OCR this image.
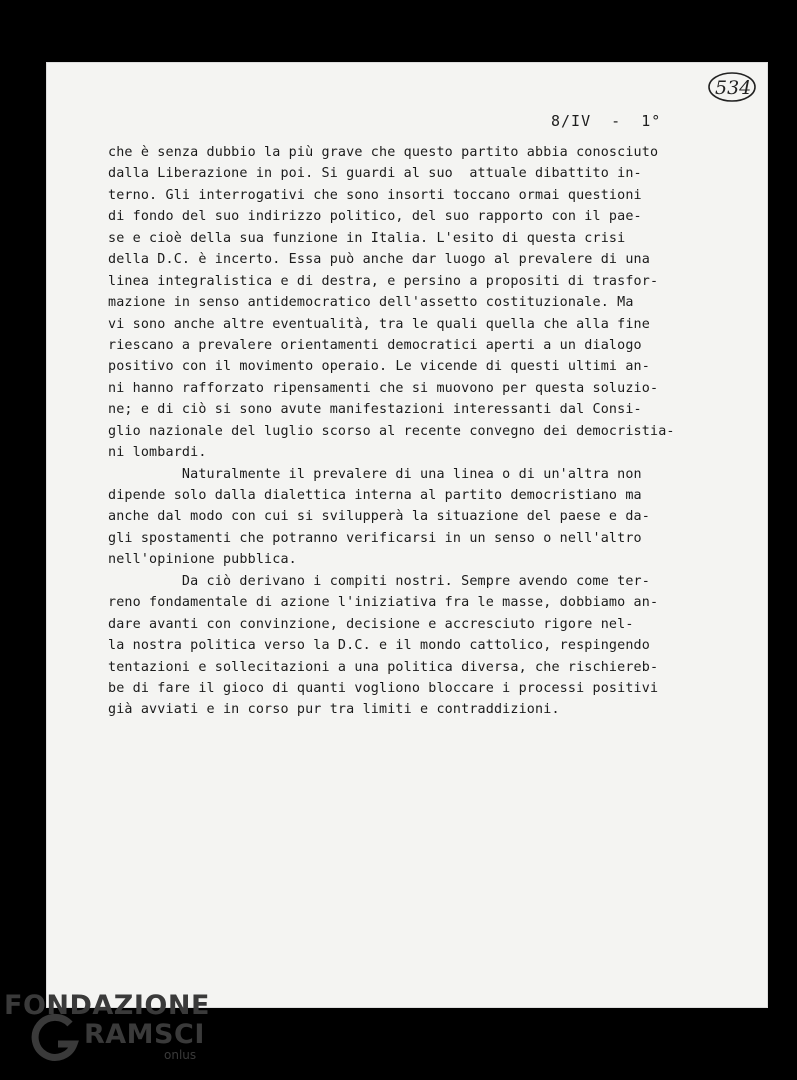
534
8/IV  -  1°
che è senza dubbio la più grave che questo partito abbia conosciuto
dalla Liberazione in poi. Si guardi al suo  attuale dibattito in-
terno. Gli interrogativi che sono insorti toccano ormai questioni
di fondo del suo indirizzo politico, del suo rapporto con il pae-
se e cioè della sua funzione in Italia. L'esito di questa crisi
della D.C. è incerto. Essa può anche dar luogo al prevalere di una
linea integralistica e di destra, e persino a propositi di trasfor-
mazione in senso antidemocratico dell'assetto costituzionale. Ma
vi sono anche altre eventualità, tra le quali quella che alla fine
riescano a prevalere orientamenti democratici aperti a un dialogo
positivo con il movimento operaio. Le vicende di questi ultimi an-
ni hanno rafforzato ripensamenti che si muovono per questa soluzio-
ne; e di ciò si sono avute manifestazioni interessanti dal Consi-
glio nazionale del luglio scorso al recente convegno dei democristia-
ni lombardi.
Naturalmente il prevalere di una linea o di un'altra non
dipende solo dalla dialettica interna al partito democristiano ma
anche dal modo con cui si svilupperà la situazione del paese e da-
gli spostamenti che potranno verificarsi in un senso o nell'altro
nell'opinione pubblica.
Da ciò derivano i compiti nostri. Sempre avendo come ter-
reno fondamentale di azione l'iniziativa fra le masse, dobbiamo an-
dare avanti con convinzione, decisione e accresciuto rigore nel-
la nostra politica verso la D.C. e il mondo cattolico, respingendo
tentazioni e sollecitazioni a una politica diversa, che rischiereb-
be di fare il gioco di quanti vogliono bloccare i processi positivi
già avviati e in corso pur tra limiti e contraddizioni.
FONDAZIONE
RAMSCI
onlus
